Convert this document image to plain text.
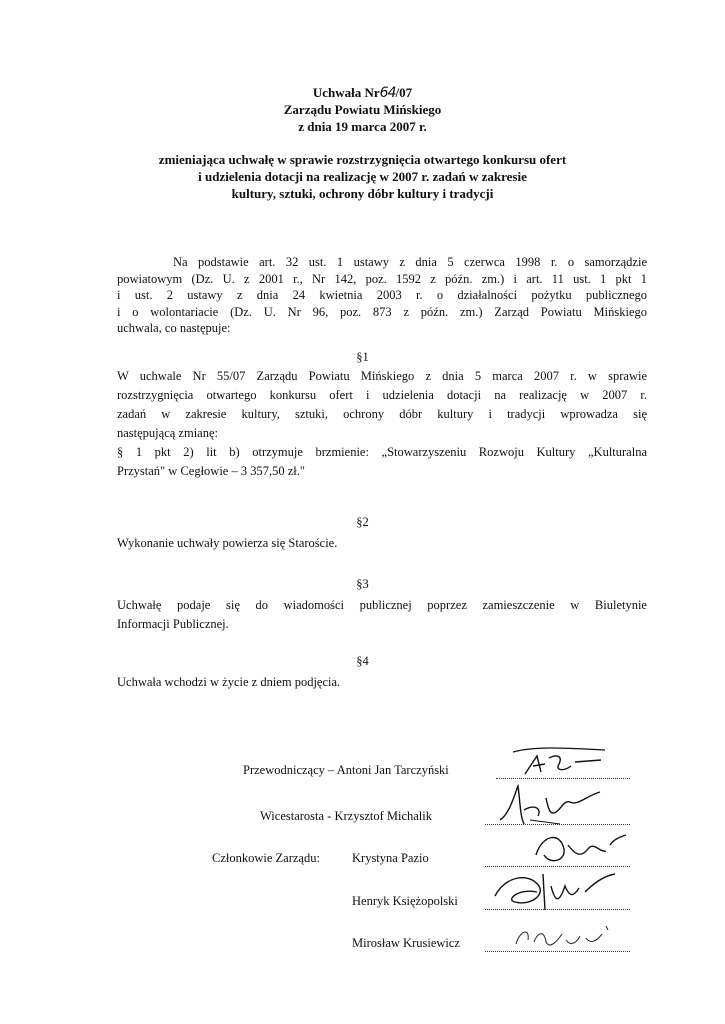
Uchwała Nr64/07
Zarządu Powiatu Mińskiego
z dnia 19 marca 2007 r.
zmieniająca uchwałę w sprawie rozstrzygnięcia otwartego konkursu ofert
i udzielenia dotacji na realizację w 2007 r. zadań w zakresie
kultury, sztuki, ochrony dóbr kultury i tradycji
Na podstawie art. 32 ust. 1 ustawy z dnia 5 czerwca 1998 r. o samorządzie
powiatowym (Dz. U. z 2001 r., Nr 142, poz. 1592 z późn. zm.) i art. 11 ust. 1 pkt 1
i ust. 2 ustawy z dnia 24 kwietnia 2003 r. o działalności pożytku publicznego
i o wolontariacie (Dz. U. Nr 96, poz. 873 z późn. zm.) Zarząd Powiatu Mińskiego
uchwala, co następuje:
§1
W uchwale Nr 55/07 Zarządu Powiatu Mińskiego z dnia 5 marca 2007 r. w sprawie
rozstrzygnięcia otwartego konkursu ofert i udzielenia dotacji na realizację w 2007 r.
zadań w zakresie kultury, sztuki, ochrony dóbr kultury i tradycji wprowadza się
następującą zmianę:
§ 1 pkt 2) lit b) otrzymuje brzmienie: „Stowarzyszeniu Rozwoju Kultury „Kulturalna
Przystań" w Cegłowie – 3 357,50 zł."
§2
Wykonanie uchwały powierza się Staroście.
§3
Uchwałę podaje się do wiadomości publicznej poprzez zamieszczenie w Biuletynie
Informacji Publicznej.
§4
Uchwała wchodzi w życie z dniem podjęcia.
Przewodniczący – Antoni Jan Tarczyński
Wicestarosta - Krzysztof Michalik
Członkowie Zarządu:	Krystyna Pazio
Henryk Księżopolski
Mirosław Krusiewicz
